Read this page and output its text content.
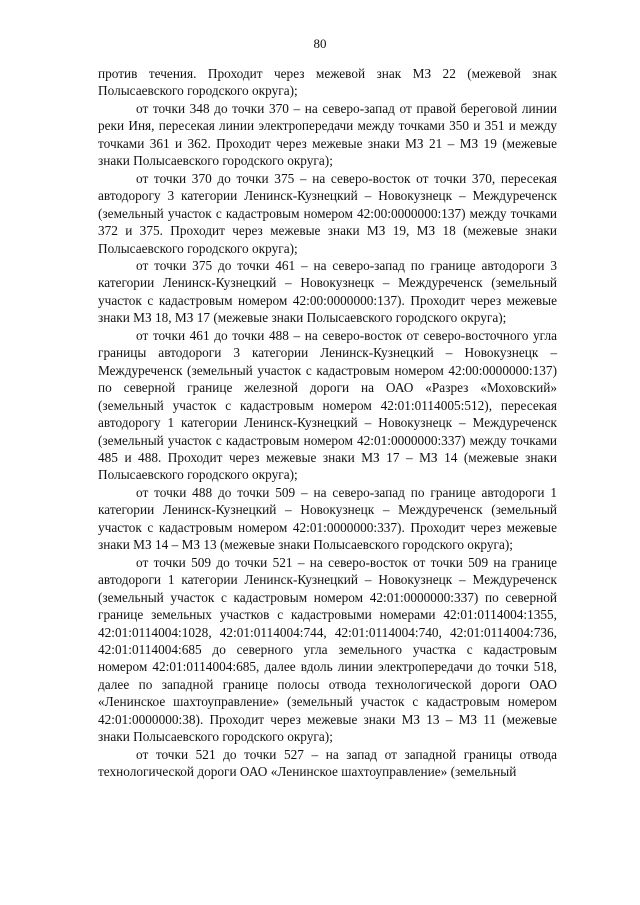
80

против течения. Проходит через межевой знак МЗ 22 (межевой знак Полысаевского городского округа);

от точки 348 до точки 370 – на северо-запад от правой береговой линии реки Иня, пересекая линии электропередачи между точками 350 и 351 и между точками 361 и 362. Проходит через межевые знаки МЗ 21 – МЗ 19 (межевые знаки Полысаевского городского округа);

от точки 370 до точки 375 – на северо-восток от точки 370, пересекая автодорогу 3 категории Ленинск-Кузнецкий – Новокузнецк – Междуреченск (земельный участок с кадастровым номером 42:00:0000000:137) между точками 372 и 375. Проходит через межевые знаки МЗ 19, МЗ 18 (межевые знаки Полысаевского городского округа);

от точки 375 до точки 461 – на северо-запад по границе автодороги 3 категории Ленинск-Кузнецкий – Новокузнецк – Междуреченск (земельный участок с кадастровым номером 42:00:0000000:137). Проходит через межевые знаки МЗ 18, МЗ 17 (межевые знаки Полысаевского городского округа);

от точки 461 до точки 488 – на северо-восток от северо-восточного угла границы автодороги 3 категории Ленинск-Кузнецкий – Новокузнецк – Междуреченск (земельный участок с кадастровым номером 42:00:0000000:137) по северной границе железной дороги на ОАО «Разрез «Моховский» (земельный участок с кадастровым номером 42:01:0114005:512), пересекая автодорогу 1 категории Ленинск-Кузнецкий – Новокузнецк – Междуреченск (земельный участок с кадастровым номером 42:01:0000000:337) между точками 485 и 488. Проходит через межевые знаки МЗ 17 – МЗ 14 (межевые знаки Полысаевского городского округа);

от точки 488 до точки 509 – на северо-запад по границе автодороги 1 категории Ленинск-Кузнецкий – Новокузнецк – Междуреченск (земельный участок с кадастровым номером 42:01:0000000:337). Проходит через межевые знаки МЗ 14 – МЗ 13 (межевые знаки Полысаевского городского округа);

от точки 509 до точки 521 – на северо-восток от точки 509 на границе автодороги 1 категории Ленинск-Кузнецкий – Новокузнецк – Междуреченск (земельный участок с кадастровым номером 42:01:0000000:337) по северной границе земельных участков с кадастровыми номерами 42:01:0114004:1355, 42:01:0114004:1028, 42:01:0114004:744, 42:01:0114004:740, 42:01:0114004:736, 42:01:0114004:685 до северного угла земельного участка с кадастровым номером 42:01:0114004:685, далее вдоль линии электропередачи до точки 518, далее по западной границе полосы отвода технологической дороги ОАО «Ленинское шахтоуправление» (земельный участок с кадастровым номером 42:01:0000000:38). Проходит через межевые знаки МЗ 13 – МЗ 11 (межевые знаки Полысаевского городского округа);

от точки 521 до точки 527 – на запад от западной границы отвода технологической дороги ОАО «Ленинское шахтоуправление» (земельный
